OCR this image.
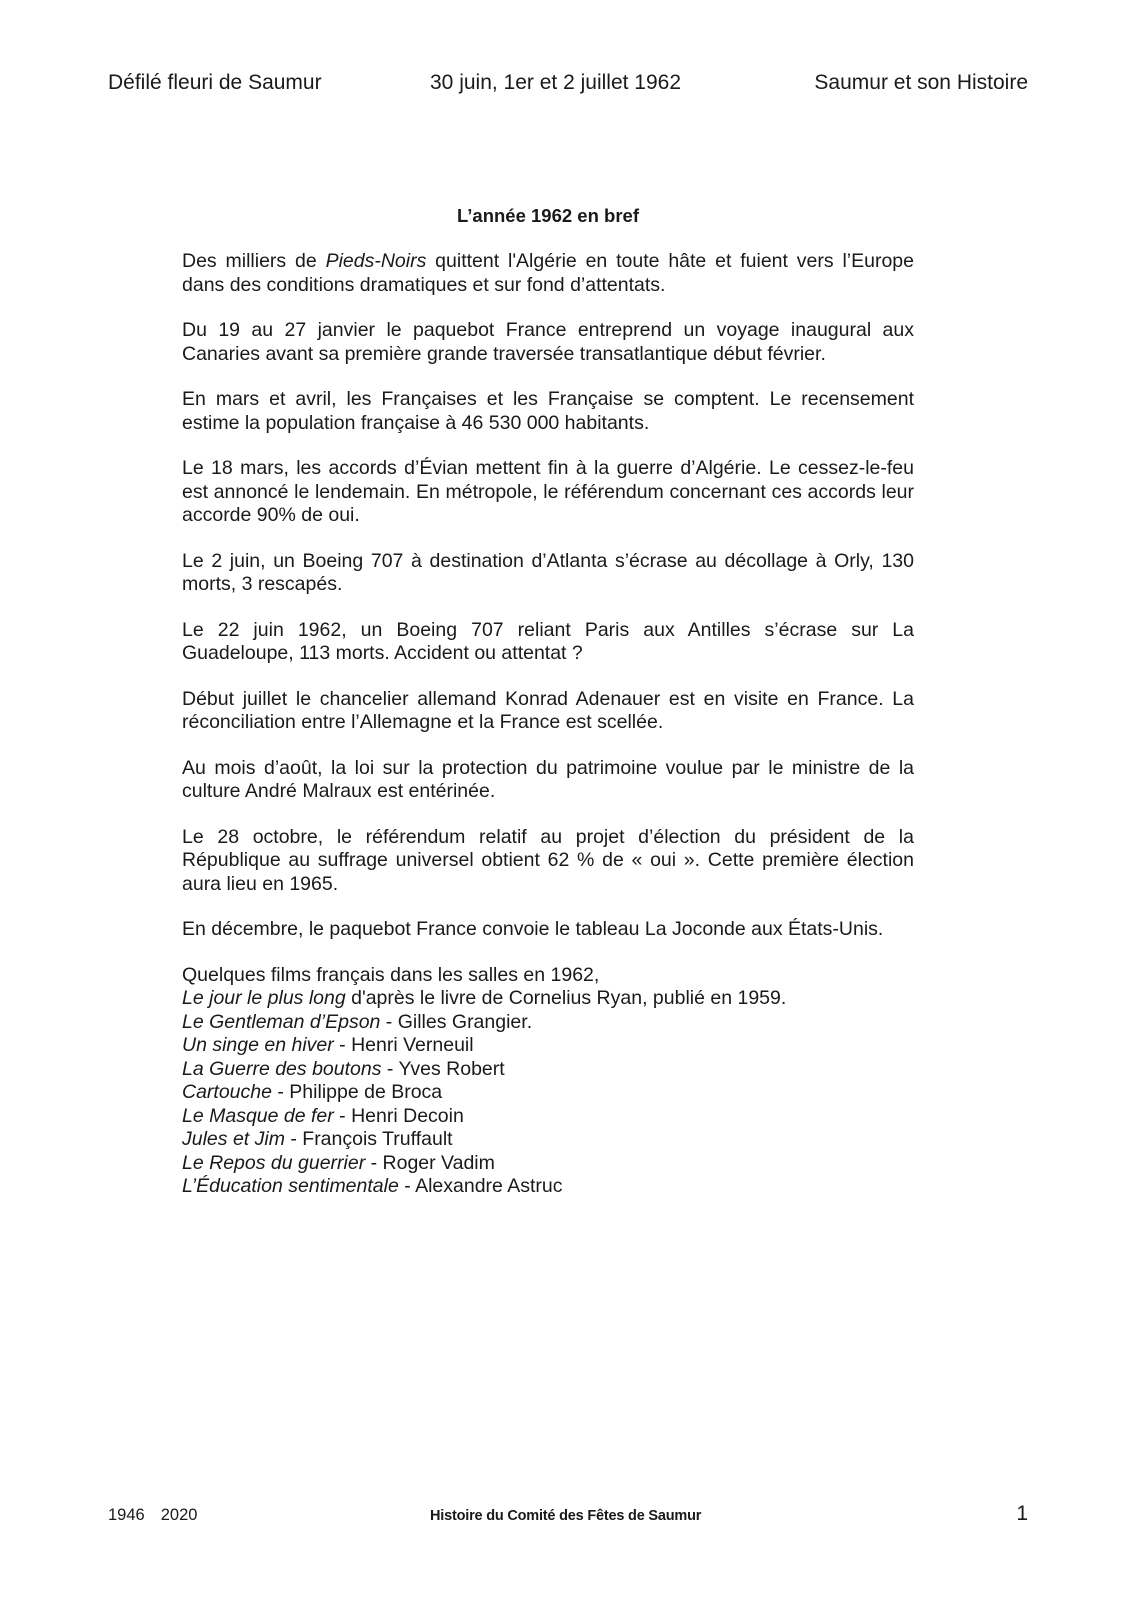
Défilé fleuri de Saumur	30 juin, 1er et 2 juillet 1962	Saumur et son Histoire
L’année 1962 en bref

Des milliers de Pieds-Noirs quittent l'Algérie en toute hâte et fuient vers l’Europe dans des conditions dramatiques et sur fond d’attentats.

Du 19 au 27 janvier le paquebot France entreprend un voyage inaugural aux Canaries avant sa première grande traversée transatlantique début février.

En mars et avril, les Françaises et les Française se comptent. Le recensement estime la population française à 46 530 000 habitants.

Le 18 mars, les accords d’Évian mettent fin à la guerre d’Algérie. Le cessez-le-feu est annoncé le lendemain. En métropole, le référendum concernant ces accords leur accorde 90% de oui.

Le 2 juin, un Boeing 707 à destination d’Atlanta s’écrase au décollage à Orly, 130 morts, 3 rescapés.

Le 22 juin 1962, un Boeing 707 reliant Paris aux Antilles s’écrase sur La Guadeloupe, 113 morts. Accident ou attentat ?

Début juillet le chancelier allemand Konrad Adenauer est en visite en France. La réconciliation entre l’Allemagne et la France est scellée.

Au mois d’août, la loi sur la protection du patrimoine voulue par le ministre de la culture André Malraux est entérinée.

Le 28 octobre, le référendum relatif au projet d’élection du président de la République au suffrage universel obtient 62 % de « oui ». Cette première élection aura lieu en 1965.

En décembre, le paquebot France convoie le tableau La Joconde aux États-Unis.

Quelques films français dans les salles en 1962,

Le jour le plus long d'après le livre de Cornelius Ryan, publié en 1959.

Le Gentleman d’Epson - Gilles Grangier.

Un singe en hiver - Henri Verneuil

La Guerre des boutons - Yves Robert

Cartouche - Philippe de Broca

Le Masque de fer - Henri Decoin

Jules et Jim - François Truffault

Le Repos du guerrier - Roger Vadim

L’Éducation sentimentale - Alexandre Astruc

1946 2020	Histoire du Comité des Fêtes de Saumur	1
